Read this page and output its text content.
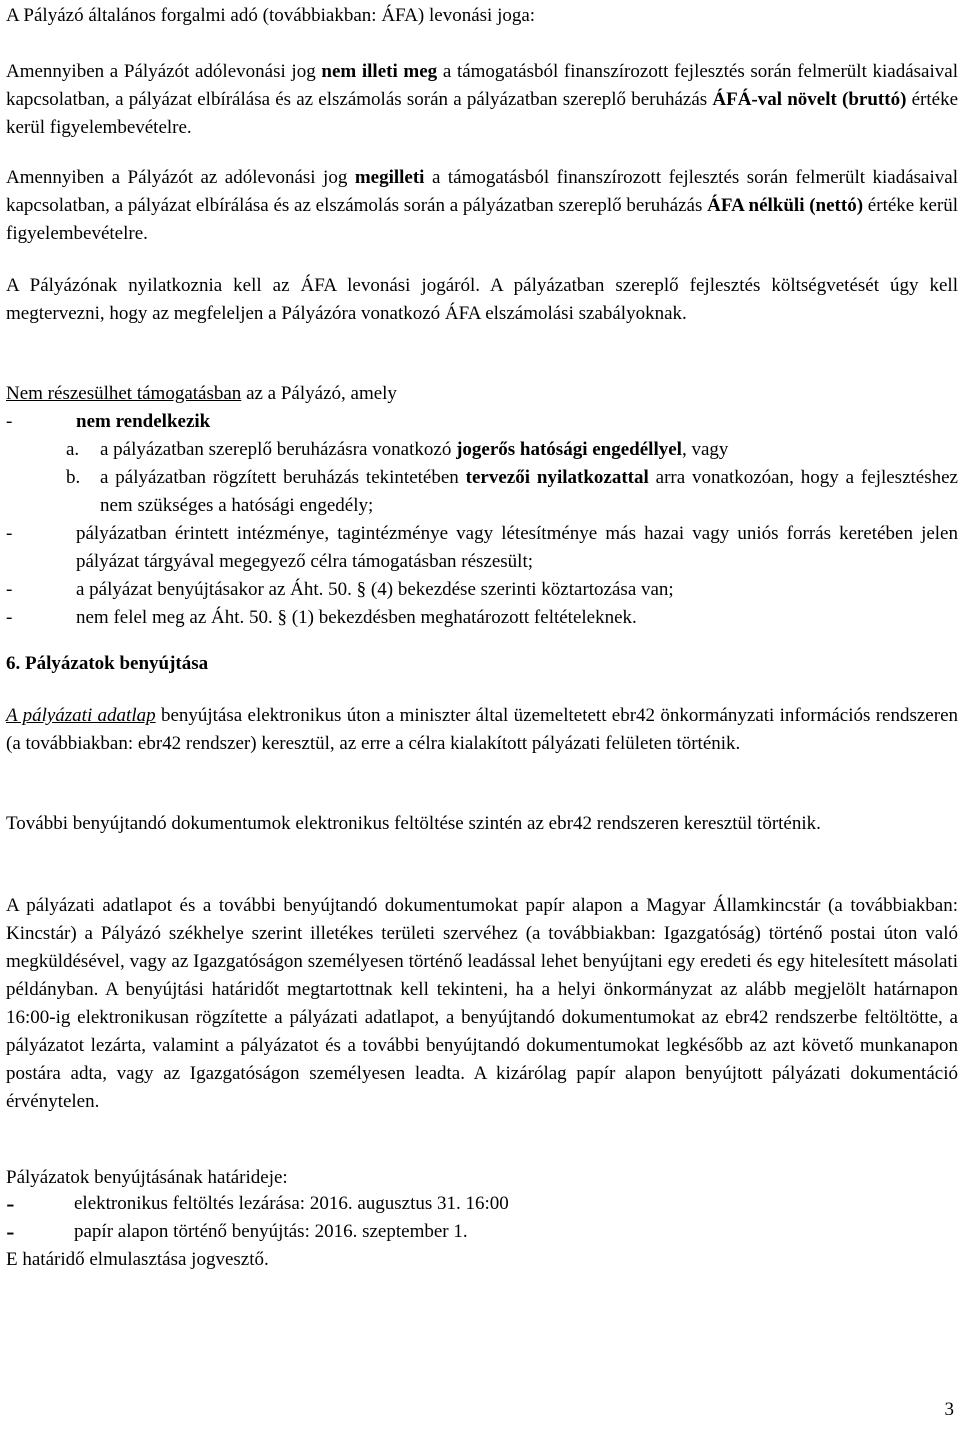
A Pályázó általános forgalmi adó (továbbiakban: ÁFA) levonási joga:

Amennyiben a Pályázót adólevonási jog nem illeti meg a támogatásból finanszírozott fejlesztés során felmerült kiadásaival kapcsolatban, a pályázat elbírálása és az elszámolás során a pályázatban szereplő beruházás ÁFÁ-val növelt (bruttó) értéke kerül figyelembevételre.

Amennyiben a Pályázót az adólevonási jog megilleti a támogatásból finanszírozott fejlesztés során felmerült kiadásaival kapcsolatban, a pályázat elbírálása és az elszámolás során a pályázatban szereplő beruházás ÁFA nélküli (nettó) értéke kerül figyelembevételre.

A Pályázónak nyilatkoznia kell az ÁFA levonási jogáról. A pályázatban szereplő fejlesztés költségvetését úgy kell megtervezni, hogy az megfeleljen a Pályázóra vonatkozó ÁFA elszámolási szabályoknak.

Nem részesülhet támogatásban az a Pályázó, amely

-	nem rendelkezik
a.	a pályázatban szereplő beruházásra vonatkozó jogerős hatósági engedéllyel, vagy
b.	a pályázatban rögzített beruházás tekintetében tervezői nyilatkozattal arra vonatkozóan, hogy a fejlesztéshez nem szükséges a hatósági engedély;
-	pályázatban érintett intézménye, tagintézménye vagy létesítménye más hazai vagy uniós forrás keretében jelen pályázat tárgyával megegyező célra támogatásban részesült;
-	a pályázat benyújtásakor az Áht. 50. § (4) bekezdése szerinti köztartozása van;
-	nem felel meg az Áht. 50. § (1) bekezdésben meghatározott feltételeknek.

6. Pályázatok benyújtása

A pályázati adatlap benyújtása elektronikus úton a miniszter által üzemeltetett ebr42 önkormányzati információs rendszeren (a továbbiakban: ebr42 rendszer) keresztül, az erre a célra kialakított pályázati felületen történik.

További benyújtandó dokumentumok elektronikus feltöltése szintén az ebr42 rendszeren keresztül történik.

A pályázati adatlapot és a további benyújtandó dokumentumokat papír alapon a Magyar Államkincstár (a továbbiakban: Kincstár) a Pályázó székhelye szerint illetékes területi szervéhez (a továbbiakban: Igazgatóság) történő postai úton való megküldésével, vagy az Igazgatóságon személyesen történő leadással lehet benyújtani egy eredeti és egy hitelesített másolati példányban. A benyújtási határidőt megtartottnak kell tekinteni, ha a helyi önkormányzat az alább megjelölt határnapon 16:00-ig elektronikusan rögzítette a pályázati adatlapot, a benyújtandó dokumentumokat az ebr42 rendszerbe feltöltötte, a pályázatot lezárta, valamint a pályázatot és a további benyújtandó dokumentumokat legkésőbb az azt követő munkanapon postára adta, vagy az Igazgatóságon személyesen leadta. A kizárólag papír alapon benyújtott pályázati dokumentáció érvénytelen.

Pályázatok benyújtásának határideje:

-	elektronikus feltöltés lezárása: 2016. augusztus 31. 16:00
-	papír alapon történő benyújtás: 2016. szeptember 1.

E határidő elmulasztása jogvesztő.

3
